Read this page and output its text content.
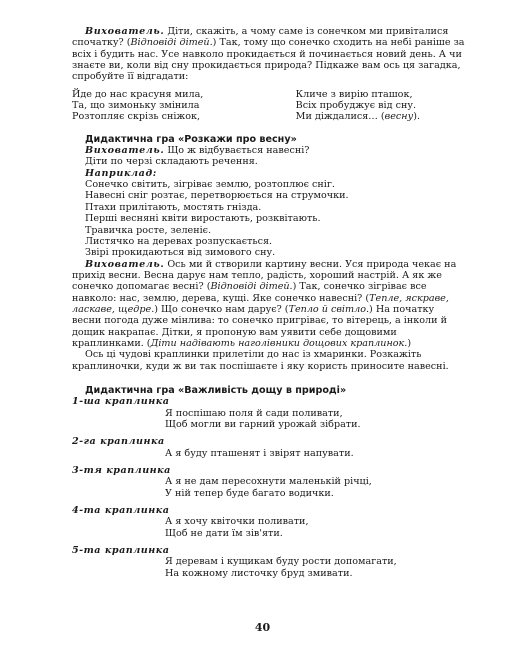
Вихователь. Діти, скажіть, а чому саме із сонечком ми привіталися спочатку? (Відповіді дітей.) Так, тому що сонечко сходить на небі раніше за всіх і будить нас. Усе навколо прокидається й починається новий день. А чи знаєте ви, коли від сну прокидається природа? Підкаже вам ось ця загадка, спробуйте її відгадати:

Йде до нас красуня мила,

Та, що зимоньку змінила

Розтопляє скрізь сніжок,

Кличе з вирію пташок,

Всіх пробуджує від сну.

Ми діждалися… (весну).

Дидактична гра «Розкажи про весну»

Вихователь. Що ж відбувається навесні?

Діти по черзі складають речення.

Наприклад:

Сонечко світить, зігріває землю, розтоплює сніг.

Навесні сніг розтає, перетворюється на струмочки.

Птахи прилітають, мостять гнізда.

Перші весняні квіти виростають, розквітають.

Травичка росте, зеленіє.

Листячко на деревах розпускається.

Звірі прокидаються від зимового сну.

Вихователь. Ось ми й створили картину весни. Уся природа чекає на прихід весни. Весна дарує нам тепло, радість, хороший настрій. А як же сонечко допомагає весні? (Відповіді дітей.) Так, сонечко зігріває все навколо: нас, землю, дерева, кущі. Яке сонечко навесні? (Тепле, яскраве, ласкаве, щедре.) Що сонечко нам дарує? (Тепло й світло.) На початку весни погода дуже мінлива: то сонечко пригріває, то вітерець, а інколи й дощик накрапає. Дітки, я пропоную вам уявити себе дощовими краплинками. (Діти надівають наголівники дощових краплинок.)

Ось ці чудові краплинки прилетіли до нас із хмаринки. Розкажіть краплиночки, куди ж ви так поспішаєте і яку користь приносите навесні.

Дидактична гра «Важливість дощу в природі»

1-ша краплинка

Я поспішаю поля й сади поливати,

Щоб могли ви гарний урожай зібрати.

2-га краплинка

А я буду пташенят і звірят напувати.

3-тя краплинка

А я не дам пересохнути маленькій річці,

У ній тепер буде багато водички.

4-та краплинка

А я хочу квіточки поливати,

Щоб не дати їм зів'яти.

5-та краплинка

Я деревам і кущикам буду рости допомагати,

На кожному листочку бруд змивати.

40
